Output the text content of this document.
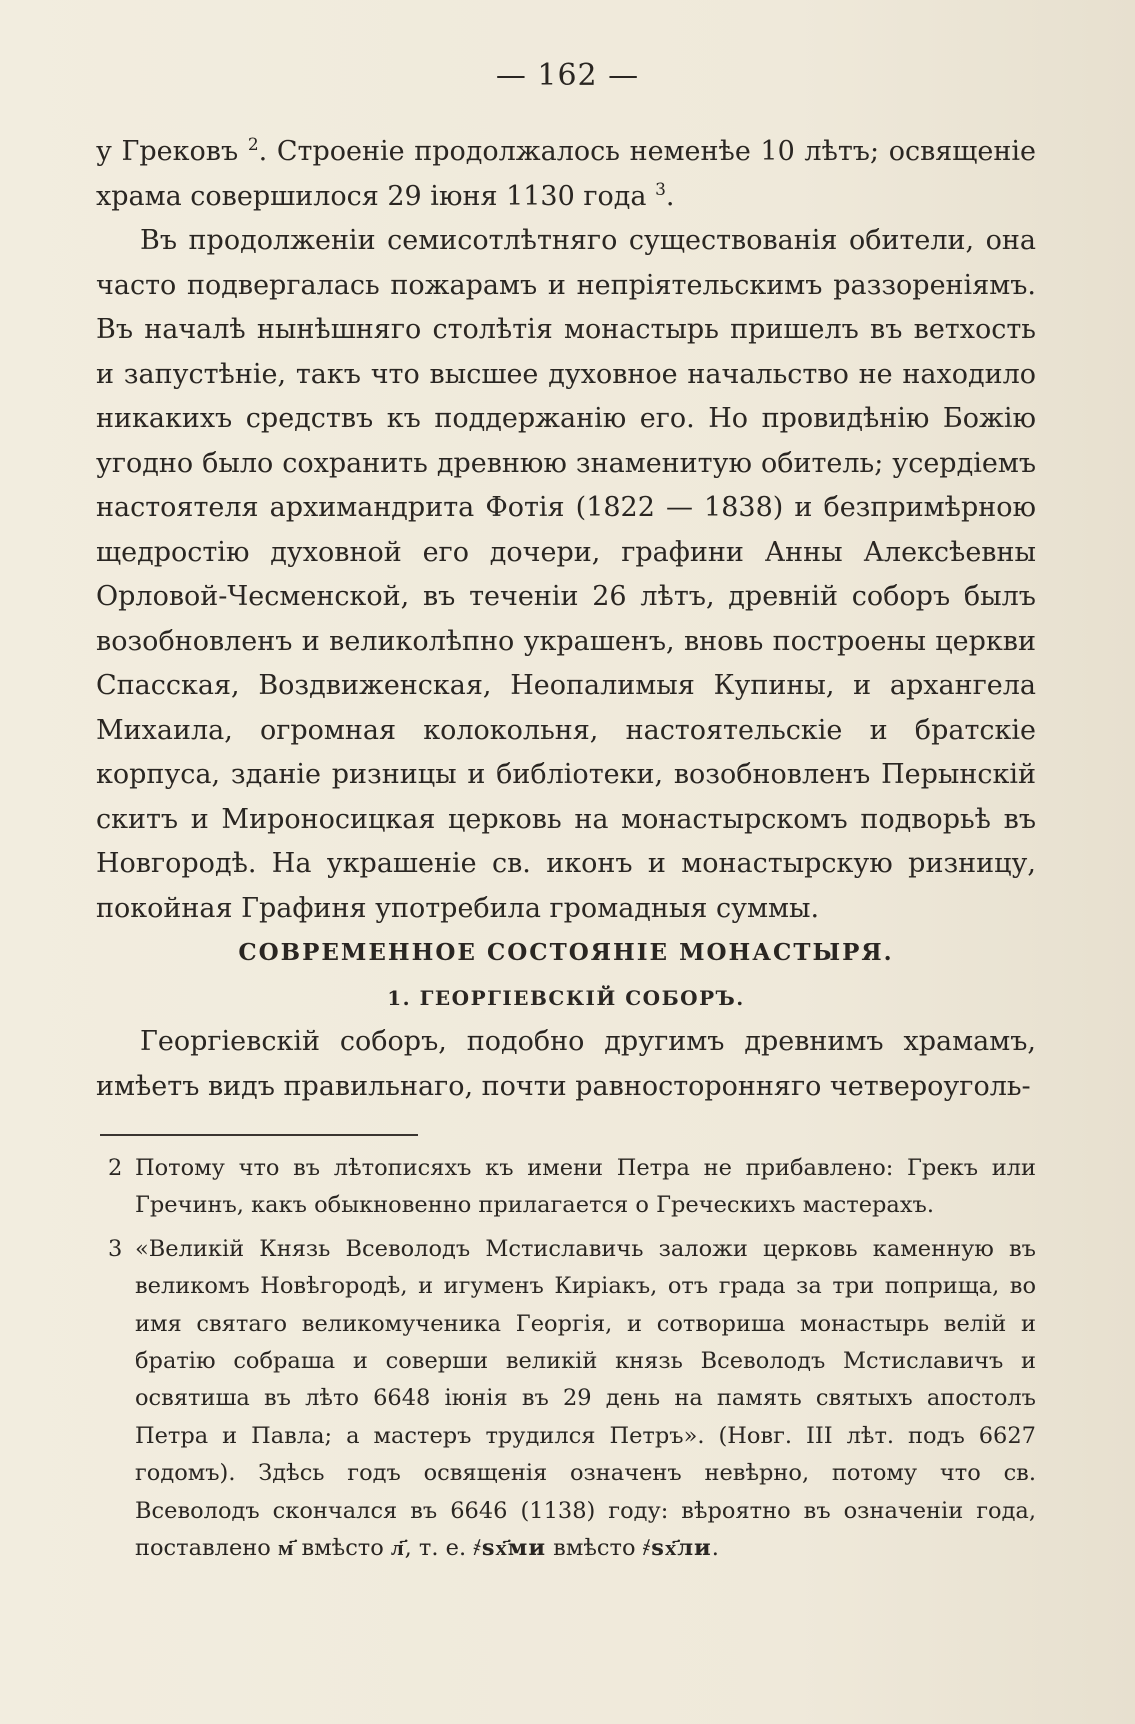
— 162 —

у Грековъ $^2$. Строеніе продолжалось неменѣе 10 лѣтъ; освященіе храма совершилося 29 іюня 1130 года $^3$.

Въ продолженіи семисотлѣтняго существованія обители, она часто подвергалась пожарамъ и непріятельскимъ раззореніямъ. Въ началѣ нынѣшняго столѣтія монастырь пришелъ въ ветхость и запустѣніе, такъ что высшее духовное начальство не находило никакихъ средствъ къ поддержанію его. Но провидѣнію Божію угодно было сохранить древнюю знаменитую обитель; усердіемъ настоятеля архимандрита Фотія (1822 — 1838) и безпримѣрною щедростію духовной его дочери, графини Анны Алексѣевны Орловой-Чесменской, въ теченіи 26 лѣтъ, древній соборъ былъ возобновленъ и великолѣпно украшенъ, вновь построены церкви Спасская, Воздвиженская, Неопалимыя Купины, и архангела Михаила, огромная колокольня, настоятельскіе и братскіе корпуса, зданіе ризницы и библіотеки, возобновленъ Перынскій скитъ и Мироносицкая церковь на монастырскомъ подворьѣ въ Новгородѣ. На украшеніе св. иконъ и монастырскую ризницу, покойная Графиня употребила громадныя суммы.

СОВРЕМЕННОЕ СОСТОЯНІЕ МОНАСТЫРЯ.

1. ГЕОРГІЕВСКІЙ СОБОРЪ.

Георгіевскій соборъ, подобно другимъ древнимъ храмамъ, имѣетъ видъ правильнаго, почти равносторонняго четвероуголь-

2 Потому что въ лѣтописяхъ къ имени Петра не прибавлено: Грекъ или Гречинъ, какъ обыкновенно прилагается о Греческихъ мастерахъ.

3 «Великій Князь Всеволодъ Мстиславичь заложи церковь каменную въ великомъ Новѣгородѣ, и игуменъ Киріакъ, отъ града за три поприща, во имя святаго великомученика Георгія, и сотвориша монастырь велій и братію собраша и соверши великій князь Всеволодъ Мстиславичъ и освятиша въ лѣто 6648 іюнія въ 29 день на память святыхъ апостолъ Петра и Павла; а мастеръ трудился Петръ». (Новг. III лѣт. подъ 6627 годомъ). Здѣсь годъ освященія означенъ невѣрно, потому что св. Всеволодъ скончался въ 6646 (1138) году: вѣроятно въ означеніи года, поставлено м҃ вмѣсто л҃, т. е. ҂ѕх҃ми вмѣсто ҂ѕх҃ли.
